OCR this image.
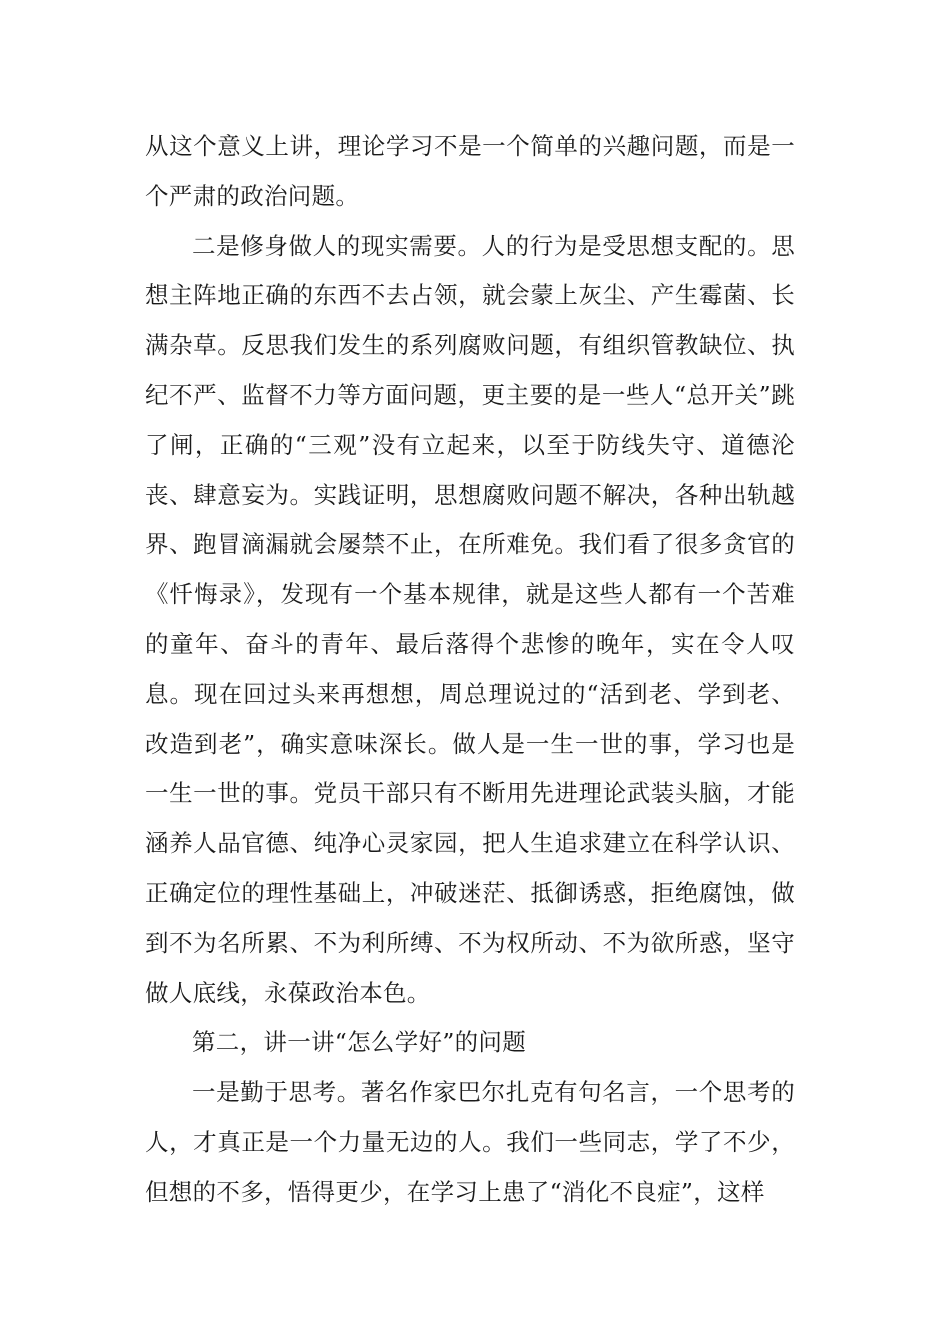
从这个意义上讲，理论学习不是一个简单的兴趣问题，而是一个严肃的政治问题。

二是修身做人的现实需要。人的行为是受思想支配的。思想主阵地正确的东西不去占领，就会蒙上灰尘、产生霉菌、长满杂草。反思我们发生的系列腐败问题，有组织管教缺位、执纪不严、监督不力等方面问题，更主要的是一些人“总开关”跳了闸，正确的“三观”没有立起来，以至于防线失守、道德沦丧、肆意妄为。实践证明，思想腐败问题不解决，各种出轨越界、跑冒滴漏就会屡禁不止，在所难免。我们看了很多贪官的《忏悔录》，发现有一个基本规律，就是这些人都有一个苦难的童年、奋斗的青年、最后落得个悲惨的晚年，实在令人叹息。现在回过头来再想想，周总理说过的“活到老、学到老、改造到老”，确实意味深长。做人是一生一世的事，学习也是一生一世的事。党员干部只有不断用先进理论武装头脑，才能涵养人品官德、纯净心灵家园，把人生追求建立在科学认识、正确定位的理性基础上，冲破迷茫、抵御诱惑，拒绝腐蚀，做到不为名所累、不为利所缚、不为权所动、不为欲所惑，坚守做人底线，永葆政治本色。

第二，讲一讲“怎么学好”的问题

一是勤于思考。著名作家巴尔扎克有句名言，一个思考的人，才真正是一个力量无边的人。我们一些同志，学了不少，但想的不多，悟得更少，在学习上患了“消化不良症”，这样
